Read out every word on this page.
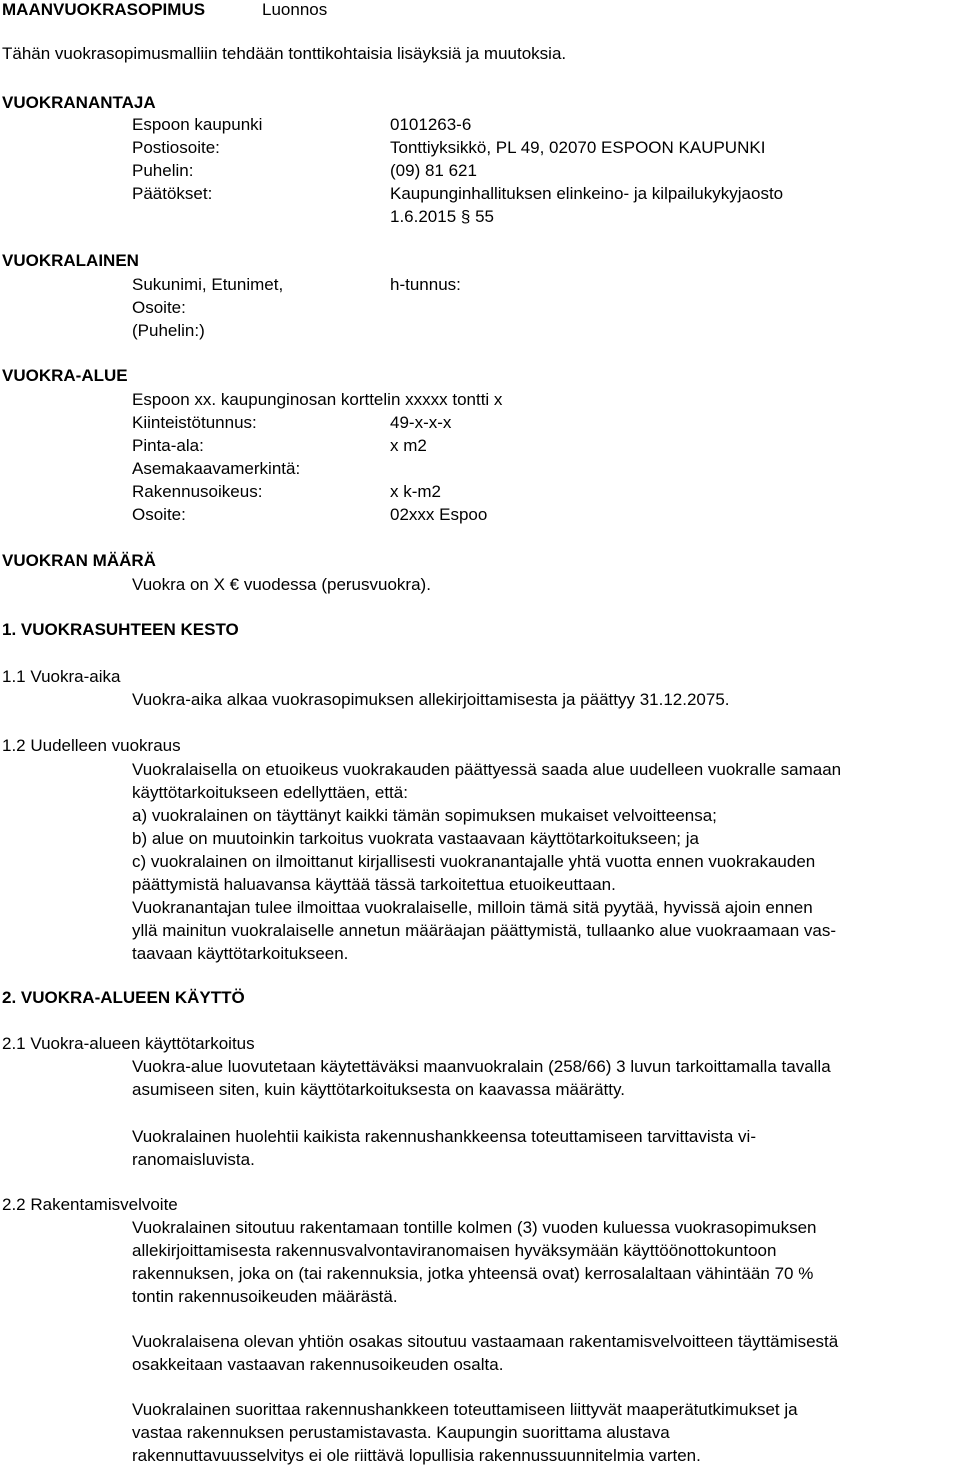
MAANVUOKRASOPIMUS	Luonnos
Tähän vuokrasopimusmalliin tehdään tonttikohtaisia lisäyksiä ja muutoksia.
VUOKRANANTAJA
Espoon kaupunki	0101263-6
Postiosoite:	Tonttiyksikkö, PL 49, 02070 ESPOON KAUPUNKI
Puhelin:	(09) 81 621
Päätökset:	Kaupunginhallituksen elinkeino- ja kilpailukykyjaosto
1.6.2015 § 55
VUOKRALAINEN
Sukunimi, Etunimet,	h-tunnus:
Osoite:
(Puhelin:)
VUOKRA-ALUE
Espoon xx. kaupunginosan korttelin xxxxx tontti x
Kiinteistötunnus:	49-x-x-x
Pinta-ala:	x m2
Asemakaavamerkintä:
Rakennusoikeus:	x k-m2
Osoite:	02xxx Espoo
VUOKRAN MÄÄRÄ
Vuokra on X € vuodessa (perusvuokra).
1. VUOKRASUHTEEN KESTO
1.1 Vuokra-aika
Vuokra-aika alkaa vuokrasopimuksen allekirjoittamisesta ja päättyy 31.12.2075.
1.2 Uudelleen vuokraus
Vuokralaisella on etuoikeus vuokrakauden päättyessä saada alue uudelleen vuokralle samaan
käyttötarkoitukseen edellyttäen, että:
a) vuokralainen on täyttänyt kaikki tämän sopimuksen mukaiset velvoitteensa;
b) alue on muutoinkin tarkoitus vuokrata vastaavaan käyttötarkoitukseen; ja
c) vuokralainen on ilmoittanut kirjallisesti vuokranantajalle yhtä vuotta ennen vuokrakauden
päättymistä haluavansa käyttää tässä tarkoitettua etuoikeuttaan.
Vuokranantajan tulee ilmoittaa vuokralaiselle, milloin tämä sitä pyytää, hyvissä ajoin ennen
yllä mainitun vuokralaiselle annetun määräajan päättymistä, tullaanko alue vuokraamaan vas-
taavaan käyttötarkoitukseen.
2. VUOKRA-ALUEEN KÄYTTÖ
2.1 Vuokra-alueen käyttötarkoitus
Vuokra-alue luovutetaan käytettäväksi maanvuokralain (258/66) 3 luvun tarkoittamalla tavalla
asumiseen siten, kuin käyttötarkoituksesta on kaavassa määrätty.
Vuokralainen huolehtii kaikista rakennushankkeensa toteuttamiseen tarvittavista vi-
ranomaisluvista.
2.2 Rakentamisvelvoite
Vuokralainen sitoutuu rakentamaan tontille kolmen (3) vuoden kuluessa vuokrasopimuksen
allekirjoittamisesta rakennusvalvontaviranomaisen hyväksymään käyttöönottokuntoon
rakennuksen, joka on (tai rakennuksia, jotka yhteensä ovat) kerrosalaltaan vähintään 70 %
tontin rakennusoikeuden määrästä.
Vuokralaisena olevan yhtiön osakas sitoutuu vastaamaan rakentamisvelvoitteen täyttämisestä
osakkeitaan vastaavan rakennusoikeuden osalta.
Vuokralainen suorittaa rakennushankkeen toteuttamiseen liittyvät maaperätutkimukset ja
vastaa rakennuksen perustamistavasta. Kaupungin suorittama alustava
rakennuttavuusselvitys ei ole riittävä lopullisia rakennussuunnitelmia varten.
